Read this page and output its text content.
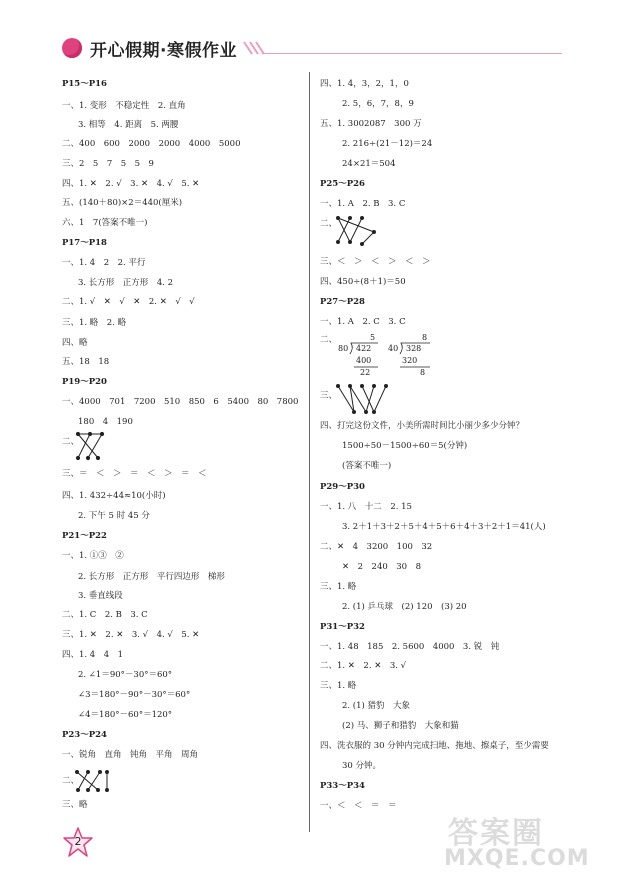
开心假期·寒假作业
P15～P16
一、1. 变形　不稳定性　2. 直角
3. 相等　4. 距离　5. 两腰
二、400　600　2000　2000　4000　5000
三、2　5　7　5　5　9
四、1. ✕　2. √　3. ✕　4. √　5. ✕
五、(140＋80)×2＝440(厘米)
六、1　7(答案不唯一)
P17～P18
一、1. 4　2　2. 平行
3. 长方形　正方形　4. 2
二、1. √　✕　√　✕　2. ✕　√　√
三、1. 略　2. 略
四、略
五、18　18
P19～P20
一、4000　701　7200　510　850　6　5400　80　7800
180　4　190
二、
三、＝　＜　＞　＝　＜　＞　＝　＜
四、1. 432÷44≈10(小时)
2. 下午 5 时 45 分
P21～P22
一、1. ①③　②
2. 长方形　正方形　平行四边形　梯形
3. 垂直线段
二、1. C　2. B　3. C
三、1. ✕　2. ✕　3. √　4. √　5. ✕
四、1. 4　4　1
2. ∠1＝90°－30°＝60°
∠3＝180°－90°－30°＝60°
∠4＝180°－60°＝120°
P23～P24
一、锐角　直角　钝角　平角　周角
二、
三、略
四、1. 4，3，2，1，0
2. 5，6，7，8，9
五、1. 3002087　300 万
2. 216÷(21－12)＝24
24×21＝504
P25～P26
一、1. A　2. B　3. C
二、
三、＜　＞　＜　＞　＜　＞
四、450÷(8＋1)＝50
P27～P28
一、1. A　2. C　3. C
二、	5
80 422
400
22
8
40 328
320
8
三、
四、打完这份文件，小美所需时间比小丽少多少分钟？
1500÷50－1500÷60＝5(分钟)
(答案不唯一)
P29～P30
一、1. 八　十二　2. 15
3. 2＋1＋3＋2＋5＋4＋5＋6＋4＋3＋2＋1＝41(人)
二、✕　4　3200　100　32
✕　2　240　30　8
三、1. 略
2. (1) 乒乓球　(2) 120　(3) 20
P31～P32
一、1. 48　185　2. 5600　4000　3. 锐　钝
二、1. ✕　2. ✕　3. √
三、1. 略
2. (1) 猎豹　大象
(2) 马、狮子和猎豹　大象和猫
四、洗衣服的 30 分钟内完成扫地、拖地、擦桌子，至少需要
30 分钟。
P33～P34
一、＜　＜　＝　＝
2	答案圈
MXQE.COM
